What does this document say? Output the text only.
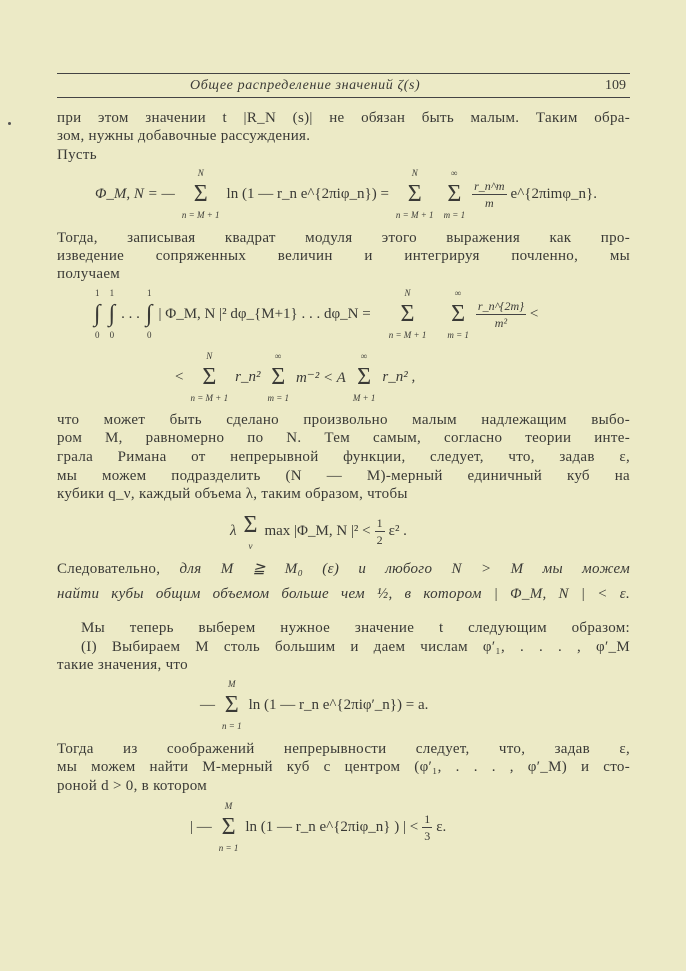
Общее распределение значений ζ(s)	109
при этом значении t |R_N (s)| не обязан быть малым. Таким обра-
зом, нужны добавочные рассуждения.
Пусть
Φ_M, N = —
N
Σ
n = M + 1
ln (1 — r_n e^{2πiφ_n}) =
N
Σ
n = M + 1
∞
Σ
m = 1
$\frac{r\_n\^{}m}{m}$ e^{2πimφ_n}.
Тогда, записывая квадрат модуля этого выражения как про-
изведение сопряженных величин и интегрируя почленно, мы
получаем
1
∫
0
1
∫
0
. . .
1
∫
0
| Φ_M, N |² dφ_{M+1} . . . dφ_N =
N
Σ
n = M + 1
∞
Σ
m = 1
$\frac{r\_n\^{}\{2m\}}{\text{m²}}$ <
<
N
Σ
n = M + 1
r_n²
∞
Σ
m = 1
m⁻² < A
∞
Σ
M + 1
r_n² ,
что может быть сделано произвольно малым надлежащим выбо-
ром M, равномерно по N. Тем самым, согласно теории инте-
грала Римана от непрерывной функции, следует, что, задав ε,
мы можем подразделить (N — M)-мерный единичный куб на
кубики q_ν, каждый объема λ, таким образом, чтобы
λ Σ
ν
max |Φ_M, N $|^2 < \frac{1}{2} \varepsilon^2$ .
Следовательно, для M ≧ M₀ (ε) и любого N > M мы можем
найти кубы общим объемом больше чем ½, в котором | Φ_M, N | < ε.
Мы теперь выберем нужное значение t следующим образом:
(I) Выбираем M столь большим и даем числам φ′₁, . . . , φ′_M
такие значения, что
—
M
Σ
n = 1
ln (1 — r_n e^{2πiφ′_n}) = a.
Тогда из соображений непрерывности следует, что, задав ε,
мы можем найти M-мерный куб с центром (φ′₁, . . . , φ′_M) и сто-
роной d > 0, в котором
| —
M
Σ
n = 1
ln (1 — r_n e^{2πiφ_n} ) | < $\frac{1}{3} \varepsilon$.
